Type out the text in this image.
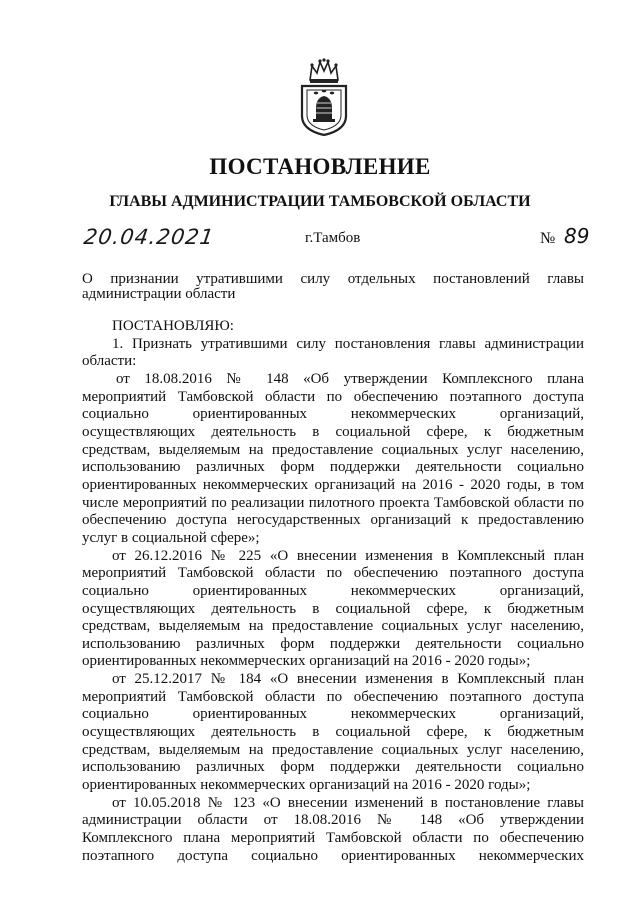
ПОСТАНОВЛЕНИЕ
ГЛАВЫ АДМИНИСТРАЦИИ ТАМБОВСКОЙ ОБЛАСТИ
20.04.2021	г.Тамбов	№ 89
О признании утратившими силу отдельных постановлений главы
администрации области
ПОСТАНОВЛЯЮ:
1. Признать утратившими силу постановления главы администрации
области:
от 18.08.2016 № 148 «Об утверждении Комплексного плана
мероприятий Тамбовской области по обеспечению поэтапного доступа
социально ориентированных некоммерческих организаций,
осуществляющих деятельность в социальной сфере, к бюджетным
средствам, выделяемым на предоставление социальных услуг населению,
использованию различных форм поддержки деятельности социально
ориентированных некоммерческих организаций на 2016 - 2020 годы, в том
числе мероприятий по реализации пилотного проекта Тамбовской области по
обеспечению доступа негосударственных организаций к предоставлению
услуг в социальной сфере»;
от 26.12.2016 № 225 «О внесении изменения в Комплексный план
мероприятий Тамбовской области по обеспечению поэтапного доступа
социально ориентированных некоммерческих организаций,
осуществляющих деятельность в социальной сфере, к бюджетным
средствам, выделяемым на предоставление социальных услуг населению,
использованию различных форм поддержки деятельности социально
ориентированных некоммерческих организаций на 2016 - 2020 годы»;
от 25.12.2017 № 184 «О внесении изменения в Комплексный план
мероприятий Тамбовской области по обеспечению поэтапного доступа
социально ориентированных некоммерческих организаций,
осуществляющих деятельность в социальной сфере, к бюджетным
средствам, выделяемым на предоставление социальных услуг населению,
использованию различных форм поддержки деятельности социально
ориентированных некоммерческих организаций на 2016 - 2020 годы»;
от 10.05.2018 № 123 «О внесении изменений в постановление главы
администрации области от 18.08.2016 № 148 «Об утверждении
Комплексного плана мероприятий Тамбовской области по обеспечению
поэтапного доступа социально ориентированных некоммерческих
